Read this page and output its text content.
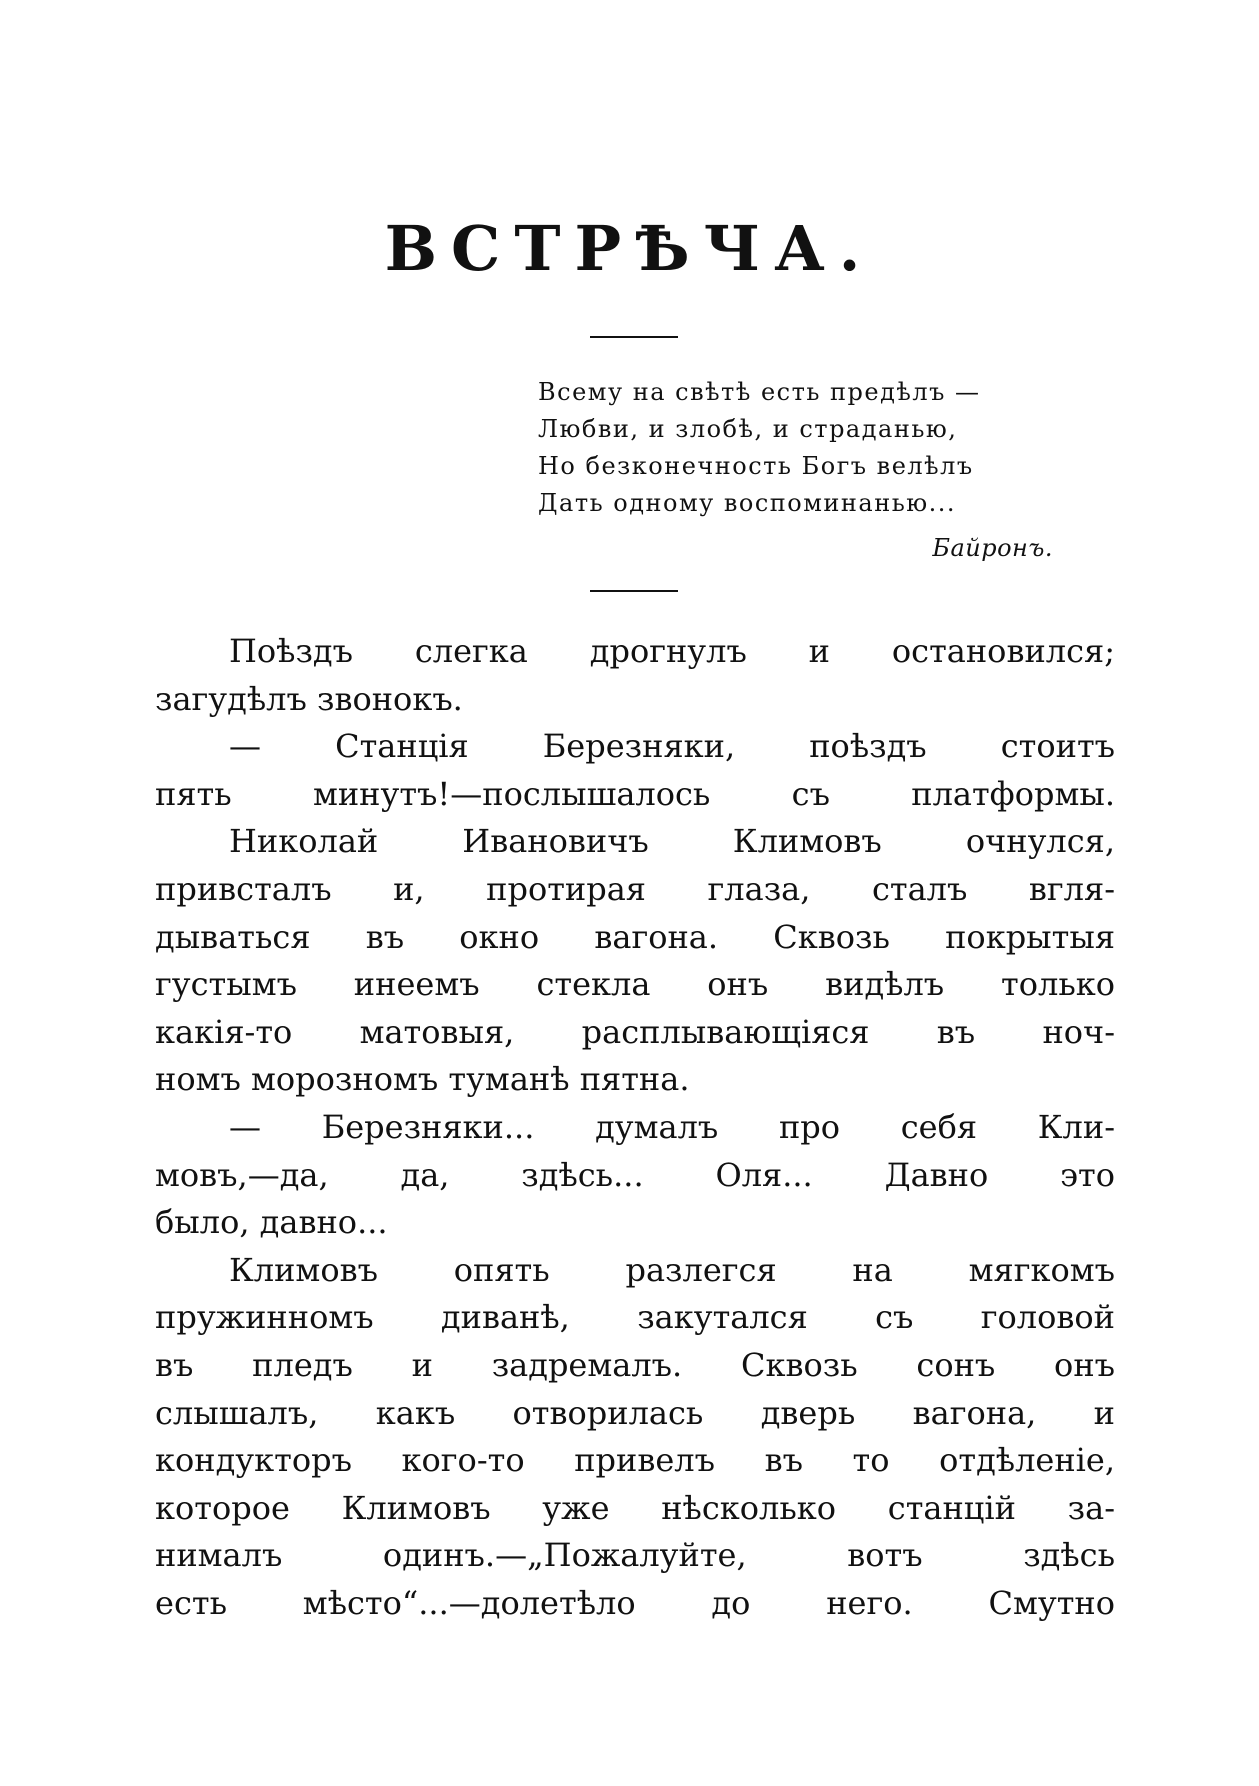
ВСТРѢЧА.
Всему на свѣтѣ есть предѣлъ —
Любви, и злобѣ, и страданью,
Но безконечность Богъ велѣлъ
Дать одному воспоминанью...
Байронъ.
Поѣздъ слегка дрогнулъ и остановился;
загудѣлъ звонокъ.
— Станція Березняки, поѣздъ стоитъ
пять минутъ!—послышалось съ платформы.
Николай Ивановичъ Климовъ очнулся,
привсталъ и, протирая глаза, сталъ вгля-
дываться въ окно вагона. Сквозь покрытыя
густымъ инеемъ стекла онъ видѣлъ только
какія-то матовыя, расплывающіяся въ ноч-
номъ морозномъ туманѣ пятна.
— Березняки... думалъ про себя Кли-
мовъ,—да, да, здѣсь... Оля... Давно это
было, давно...
Климовъ опять разлегся на мягкомъ
пружинномъ диванѣ, закутался съ головой
въ пледъ и задремалъ. Сквозь сонъ онъ
слышалъ, какъ отворилась дверь вагона, и
кондукторъ кого-то привелъ въ то отдѣленіе,
которое Климовъ уже нѣсколько станцій за-
нималъ одинъ.—„Пожалуйте, вотъ здѣсь
есть мѣсто“...—долетѣло до него. Смутно
